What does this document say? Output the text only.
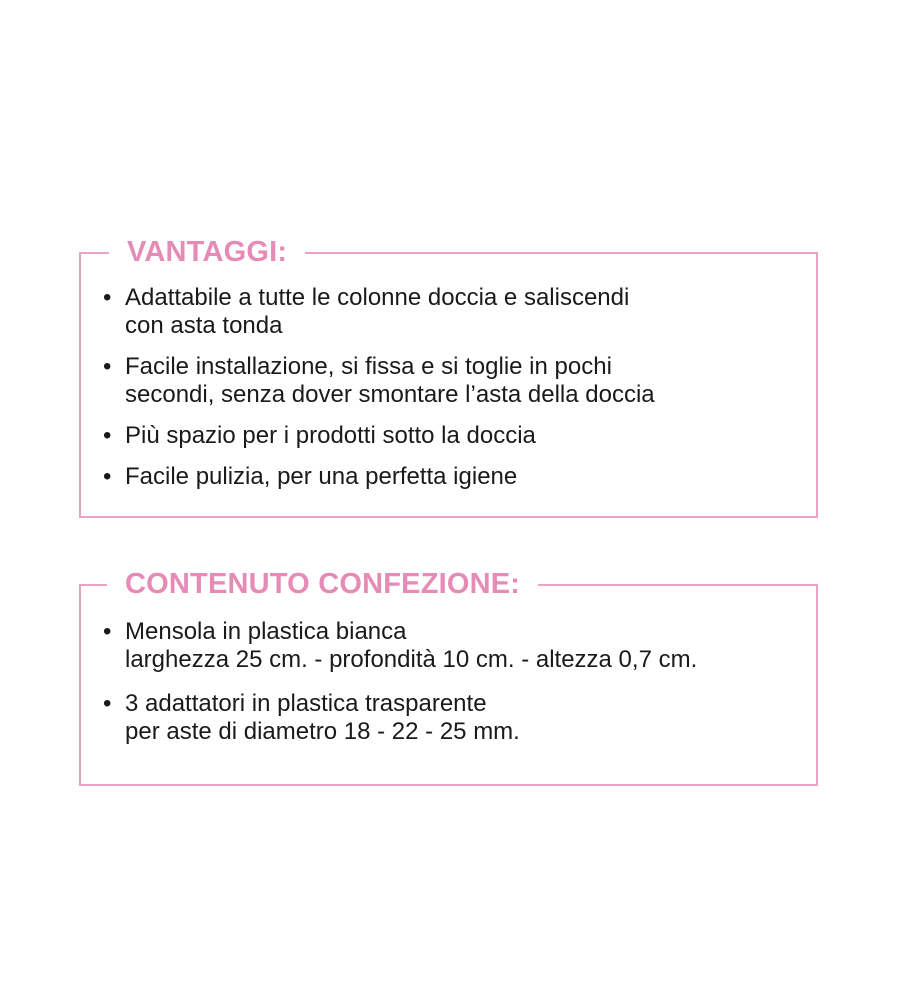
VANTAGGI:
• Adattabile a tutte le colonne doccia e saliscendi
con asta tonda
• Facile installazione, si fissa e si toglie in pochi
secondi, senza dover smontare l’asta della doccia
• Più spazio per i prodotti sotto la doccia
• Facile pulizia, per una perfetta igiene
CONTENUTO CONFEZIONE:
• Mensola in plastica bianca
larghezza 25 cm. - profondità 10 cm. - altezza 0,7 cm.
• 3 adattatori in plastica trasparente
per aste di diametro 18 - 22 - 25 mm.
